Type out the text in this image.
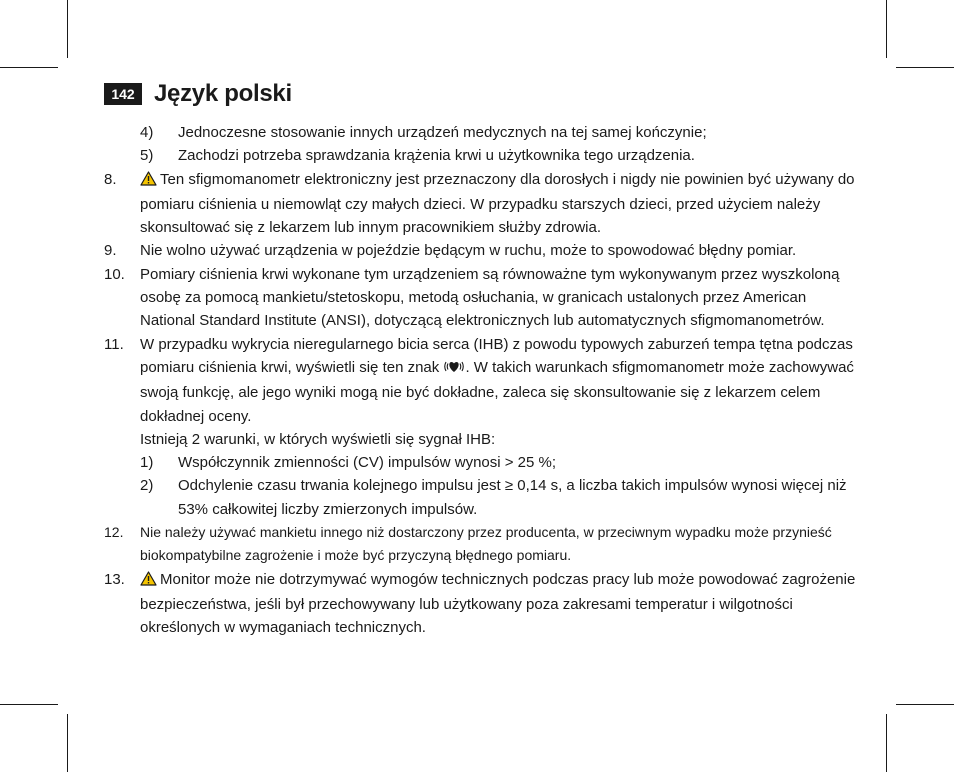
142 Język polski
4) Jednoczesne stosowanie innych urządzeń medycznych na tej samej kończynie;
5) Zachodzi potrzeba sprawdzania krążenia krwi u użytkownika tego urządzenia.
8.	Ten sfigmomanometr elektroniczny jest przeznaczony dla dorosłych i nigdy nie powinien być używany do pomiaru ciśnienia u niemowląt czy małych dzieci. W przypadku starszych dzieci, przed użyciem należy skonsultować się z lekarzem lub innym pracownikiem służby zdrowia.
9. Nie wolno używać urządzenia w pojeździe będącym w ruchu, może to spowodować błędny pomiar.
10. Pomiary ciśnienia krwi wykonane tym urządzeniem są równoważne tym wykonywanym przez wyszkoloną osobę za pomocą mankietu/stetoskopu, metodą osłuchania, w granicach ustalonych przez American National Standard Institute (ANSI), dotyczącą elektronicznych lub automatycznych sfigmomanometrów.
11. W przypadku wykrycia nieregularnego bicia serca (IHB) z powodu typowych zaburzeń tempa tętna podczas pomiaru ciśnienia krwi, wyświetli się ten znak . W takich warunkach sfigmomanometr może zachowywać swoją funkcję, ale jego wyniki mogą nie być dokładne, zaleca się skonsultowanie się z lekarzem celem dokładnej oceny.
Istnieją 2 warunki, w których wyświetli się sygnał IHB:
1) Współczynnik zmienności (CV) impulsów wynosi > 25 %;
2) Odchylenie czasu trwania kolejnego impulsu jest ≥ 0,14 s, a liczba takich impulsów wynosi więcej niż 53% całkowitej liczby zmierzonych impulsów.
12. Nie należy używać mankietu innego niż dostarczony przez producenta, w przeciwnym wypadku może przynieść biokompatybilne zagrożenie i może być przyczyną błędnego pomiaru.
13. Monitor może nie dotrzymywać wymogów technicznych podczas pracy lub może powodować zagrożenie bezpieczeństwa, jeśli był przechowywany lub użytkowany poza zakresami temperatur i wilgotności określonych w wymaganiach technicznych.
